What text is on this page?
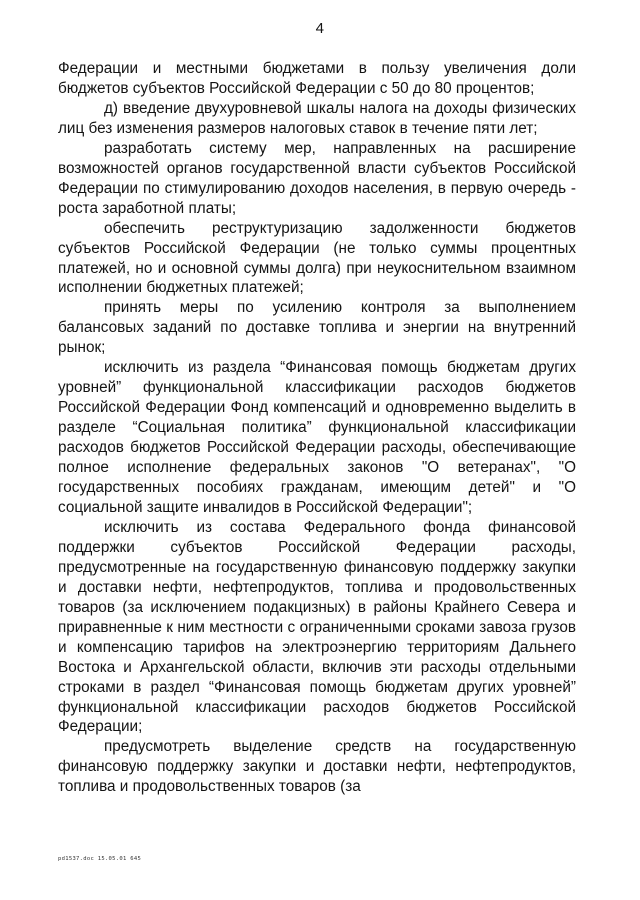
4

Федерации и местными бюджетами в пользу увеличения доли бюджетов субъектов Российской Федерации с 50 до 80 процентов;

д) введение двухуровневой шкалы налога на доходы физических лиц без изменения размеров налоговых ставок в течение пяти лет;

разработать систему мер, направленных на расширение возможностей органов государственной власти субъектов Российской Федерации по стимулированию доходов населения, в первую очередь - роста заработной платы;

обеспечить реструктуризацию задолженности бюджетов субъектов Российской Федерации (не только суммы процентных платежей, но и основной суммы долга) при неукоснительном взаимном исполнении бюджетных платежей;

принять меры по усилению контроля за выполнением балансовых заданий по доставке топлива и энергии на внутренний рынок;

исключить из раздела “Финансовая помощь бюджетам других уровней” функциональной классификации расходов бюджетов Российской Федерации Фонд компенсаций и одновременно выделить в разделе “Социальная политика” функциональной классификации расходов бюджетов Российской Федерации расходы, обеспечивающие полное исполнение федеральных законов "О ветеранах", "О государственных пособиях гражданам, имеющим детей" и "О социальной защите инвалидов в Российской Федерации";

исключить из состава Федерального фонда финансовой поддержки субъектов Российской Федерации расходы, предусмотренные на государственную финансовую поддержку закупки и доставки нефти, нефтепродуктов, топлива и продовольственных товаров (за исключением подакцизных) в районы Крайнего Севера и приравненные к ним местности с ограниченными сроками завоза грузов и компенсацию тарифов на электроэнергию территориям Дальнего Востока и Архангельской области, включив эти расходы отдельными строками в раздел “Финансовая помощь бюджетам других уровней” функциональной классификации расходов бюджетов Российской Федерации;

предусмотреть выделение средств на государственную финансовую поддержку закупки и доставки нефти, нефтепродуктов, топлива и продовольственных товаров (за

pd1537.doc 15.05.01 645
